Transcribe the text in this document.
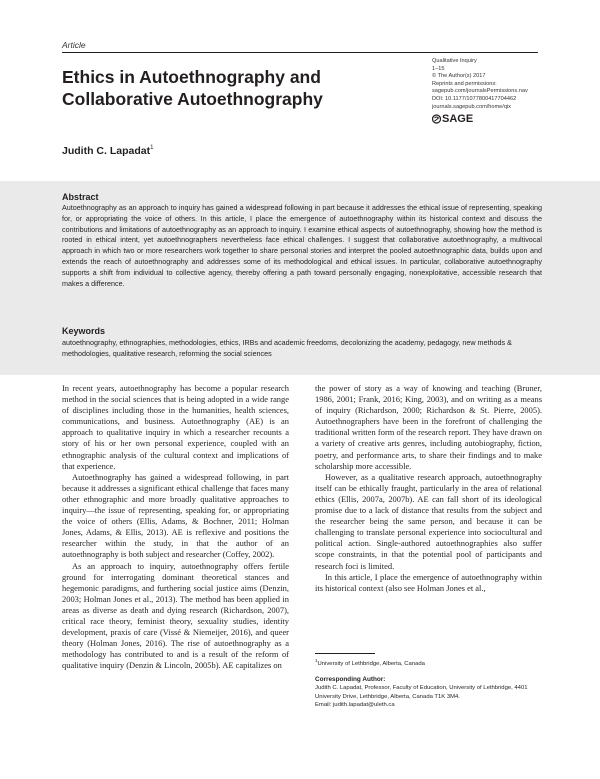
Article
Ethics in Autoethnography and Collaborative Autoethnography
Qualitative Inquiry
1–15
© The Author(s) 2017
Reprints and permissions:
sagepub.com/journalsPermissions.nav
DOI: 10.1177/1077800417704462
journals.sagepub.com/home/qix
SAGE
Judith C. Lapadat$^1$
Abstract

Autoethnography as an approach to inquiry has gained a widespread following in part because it addresses the ethical issue of representing, speaking for, or appropriating the voice of others. In this article, I place the emergence of autoethnography within its historical context and discuss the contributions and limitations of autoethnography as an approach to inquiry. I examine ethical aspects of autoethnography, showing how the method is rooted in ethical intent, yet autoethnographers nevertheless face ethical challenges. I suggest that collaborative autoethnography, a multivocal approach in which two or more researchers work together to share personal stories and interpret the pooled autoethnographic data, builds upon and extends the reach of autoethnography and addresses some of its methodological and ethical issues. In particular, collaborative autoethnography supports a shift from individual to collective agency, thereby offering a path toward personally engaging, nonexploitative, accessible research that makes a difference.

Keywords

autoethnography, ethnographies, methodologies, ethics, IRBs and academic freedoms, decolonizing the academy, pedagogy, new methods & methodologies, qualitative research, reforming the social sciences

In recent years, autoethnography has become a popular research method in the social sciences that is being adopted in a wide range of disciplines including those in the humanities, health sciences, communications, and business. Autoethnography (AE) is an approach to qualitative inquiry in which a researcher recounts a story of his or her own personal experience, coupled with an ethnographic analysis of the cultural context and implications of that experience.

Autoethnography has gained a widespread following, in part because it addresses a significant ethical challenge that faces many other ethnographic and more broadly qualitative approaches to inquiry—the issue of representing, speaking for, or appropriating the voice of others (Ellis, Adams, & Bochner, 2011; Holman Jones, Adams, & Ellis, 2013). AE is reflexive and positions the researcher within the study, in that the author of an autoethnography is both subject and researcher (Coffey, 2002).

As an approach to inquiry, autoethnography offers fertile ground for interrogating dominant theoretical stances and hegemonic paradigms, and furthering social justice aims (Denzin, 2003; Holman Jones et al., 2013). The method has been applied in areas as diverse as death and dying research (Richardson, 2007), critical race theory, feminist theory, sexuality studies, identity development, praxis of care (Vissé & Niemeijer, 2016), and queer theory (Holman Jones, 2016). The rise of autoethnography as a methodology has contributed to and is a result of the reform of qualitative inquiry (Denzin & Lincoln, 2005b). AE capitalizes on

the power of story as a way of knowing and teaching (Bruner, 1986, 2001; Frank, 2016; King, 2003), and on writing as a means of inquiry (Richardson, 2000; Richardson & St. Pierre, 2005). Autoethnographers have been in the forefront of challenging the traditional written form of the research report. They have drawn on a variety of creative arts genres, including autobiography, fiction, poetry, and performance arts, to share their findings and to make scholarship more accessible.

However, as a qualitative research approach, autoethnography itself can be ethically fraught, particularly in the area of relational ethics (Ellis, 2007a, 2007b). AE can fall short of its ideological promise due to a lack of distance that results from the subject and the researcher being the same person, and because it can be challenging to translate personal experience into sociocultural and political action. Single-authored autoethnographies also suffer scope constraints, in that the potential pool of participants and research foci is limited.

In this article, I place the emergence of autoethnography within its historical context (also see Holman Jones et al.,

$^1$University of Lethbridge, Alberta, Canada
Corresponding Author:
Judith C. Lapadat, Professor, Faculty of Education, University of Lethbridge, 4401 University Drive, Lethbridge, Alberta, Canada T1K 3M4.
Email: judith.lapadat@uleth.ca
